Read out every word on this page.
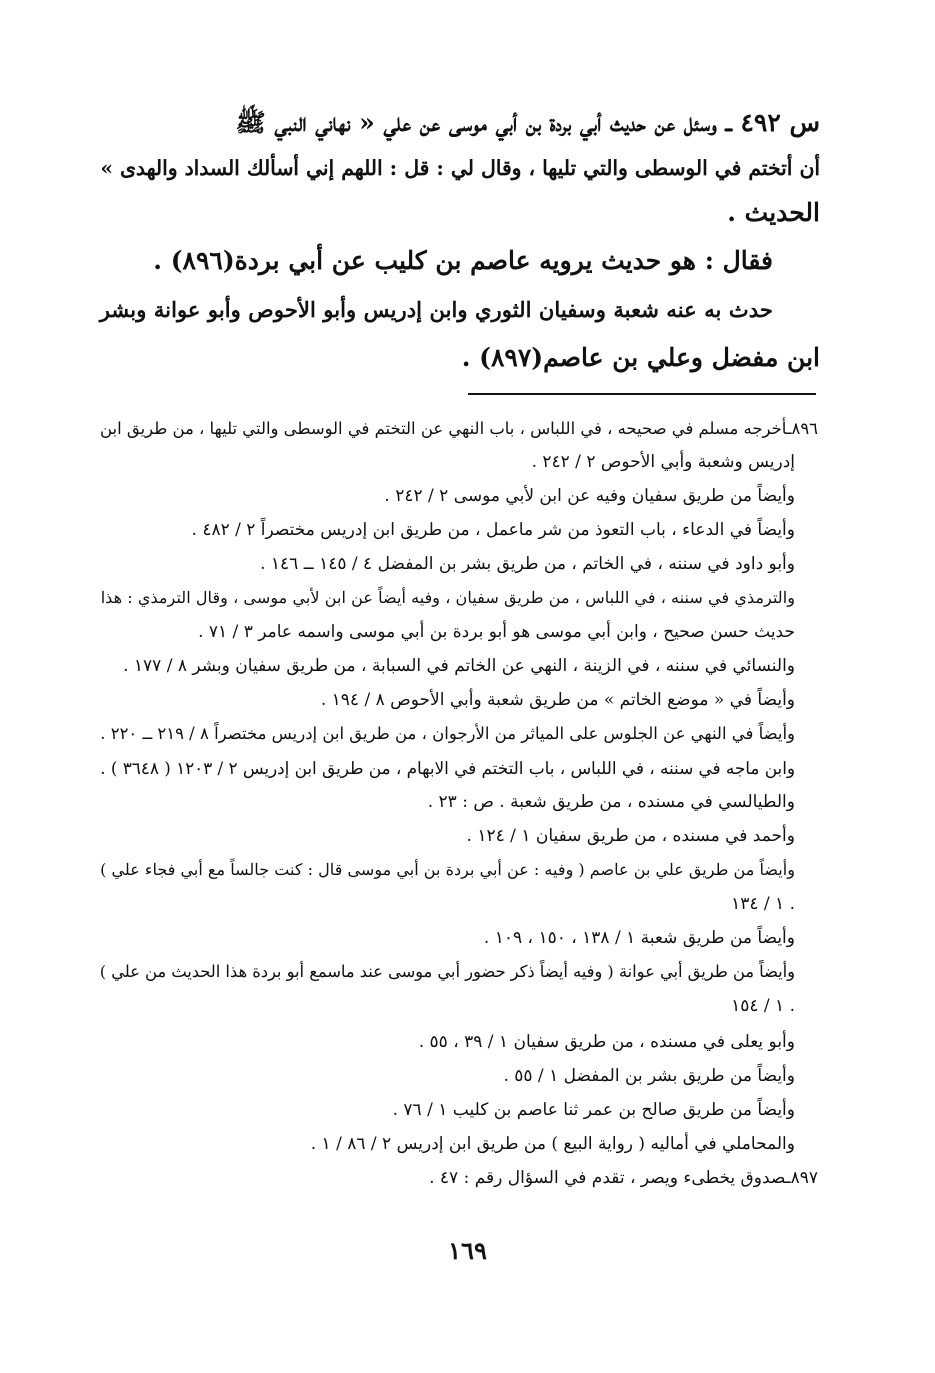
س ٤٩٢ ــ وسئل عن حديث أبي بردة بن أبي موسى عن علي « نهاني النبي ﷺ
أن أتختم في الوسطى والتي تليها ، وقال لي : قل : اللهم إني أسألك السداد والهدى »
الحديث .
فقال : هو حديث يرويه عاصم بن كليب عن أبي بردة(٨٩٦) .
حدث به عنه شعبة وسفيان الثوري وابن إدريس وأبو الأحوص وأبو عوانة وبشر
ابن مفضل وعلي بن عاصم(٨٩٧) .
٨٩٦ـأخرجه مسلم في صحيحه ، في اللباس ، باب النهي عن التختم في الوسطى والتي تليها ، من طريق ابن
إدريس وشعبة وأبي الأحوص ٢ / ٢٤٢ .
وأيضاً من طريق سفيان وفيه عن ابن لأبي موسى ٢ / ٢٤٢ .
وأيضاً في الدعاء ، باب التعوذ من شر ماعمل ، من طريق ابن إدريس مختصراً ٢ / ٤٨٢ .
وأبو داود في سننه ، في الخاتم ، من طريق بشر بن المفضل ٤ / ١٤٥ ــ ١٤٦ .
والترمذي في سننه ، في اللباس ، من طريق سفيان ، وفيه أيضاً عن ابن لأبي موسى ، وقال الترمذي : هذا
حديث حسن صحيح ، وابن أبي موسى هو أبو بردة بن أبي موسى واسمه عامر ٣ / ٧١ .
والنسائي في سننه ، في الزينة ، النهي عن الخاتم في السبابة ، من طريق سفيان وبشر ٨ / ١٧٧ .
وأيضاً في « موضع الخاتم » من طريق شعبة وأبي الأحوص ٨ / ١٩٤ .
وأيضاً في النهي عن الجلوس على المياثر من الأرجوان ، من طريق ابن إدريس مختصراً ٨ / ٢١٩ ــ ٢٢٠ .
وابن ماجه في سننه ، في اللباس ، باب التختم في الابهام ، من طريق ابن إدريس ٢ / ١٢٠٣ ( ٣٦٤٨ ) .
والطيالسي في مسنده ، من طريق شعبة . ص : ٢٣ .
وأحمد في مسنده ، من طريق سفيان ١ / ١٢٤ .
وأيضاً من طريق علي بن عاصم ( وفيه : عن أبي بردة بن أبي موسى قال : كنت جالساً مع أبي فجاء علي )
١ / ١٣٤ .
وأيضاً من طريق شعبة ١ / ١٣٨ ، ١٥٠ ، ١٠٩ .
وأيضاً من طريق أبي عوانة ( وفيه أيضاً ذكر حضور أبي موسى عند ماسمع أبو بردة هذا الحديث من علي )
١ / ١٥٤ .
وأبو يعلى في مسنده ، من طريق سفيان ١ / ٣٩ ، ٥٥ .
وأيضاً من طريق بشر بن المفضل ١ / ٥٥ .
وأيضاً من طريق صالح بن عمر ثنا عاصم بن كليب ١ / ٧٦ .
والمحاملي في أماليه ( رواية البيع ) من طريق ابن إدريس ٢ / ٨٦ / ١ .
٨٩٧ـصدوق يخطىء ويصر ، تقدم في السؤال رقم : ٤٧ .
١٦٩
